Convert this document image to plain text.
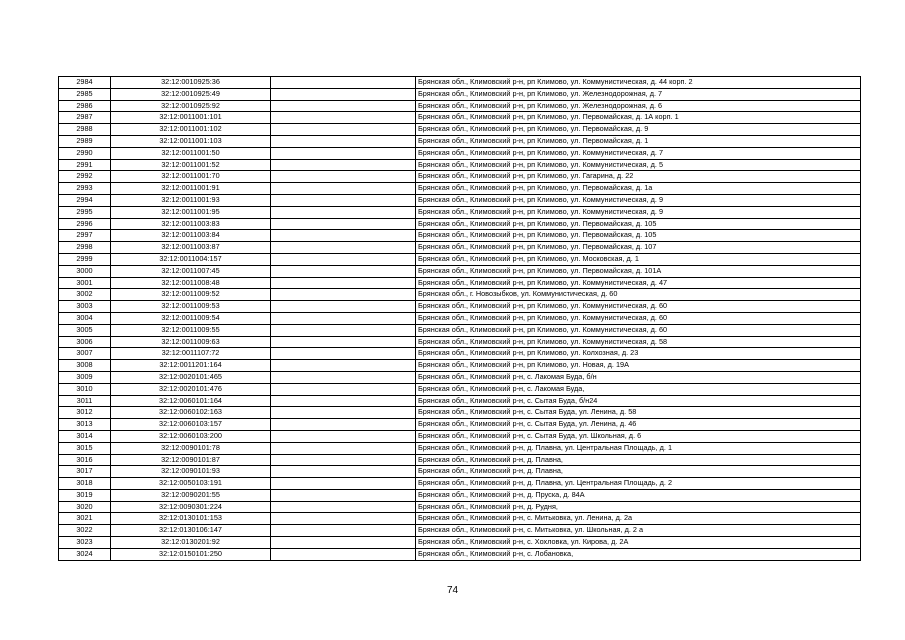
2984	32:12:0010925:36		Брянская обл., Климовский р-н, рп Климово, ул. Коммунистическая, д. 44 корп. 2
2985	32:12:0010925:49		Брянская обл., Климовский р-н, рп Климово, ул. Железнодорожная, д. 7
2986	32:12:0010925:92		Брянская обл., Климовский р-н, рп Климово, ул. Железнодорожная, д. 6
2987	32:12:0011001:101		Брянская обл., Климовский р-н, рп Климово, ул. Первомайская, д. 1А корп. 1
2988	32:12:0011001:102		Брянская обл., Климовский р-н, рп Климово, ул. Первомайская, д. 9
2989	32:12:0011001:103		Брянская обл., Климовский р-н, рп Климово, ул. Первомайская, д. 1
2990	32:12:0011001:50		Брянская обл., Климовский р-н, рп Климово, ул. Коммунистическая, д. 7
2991	32:12:0011001:52		Брянская обл., Климовский р-н, рп Климово, ул. Коммунистическая, д. 5
2992	32:12:0011001:70		Брянская обл., Климовский р-н, рп Климово, ул. Гагарина, д. 22
2993	32:12:0011001:91		Брянская обл., Климовский р-н, рп Климово, ул. Первомайская, д. 1а
2994	32:12:0011001:93		Брянская обл., Климовский р-н, рп Климово, ул. Коммунистическая, д. 9
2995	32:12:0011001:95		Брянская обл., Климовский р-н, рп Климово, ул. Коммунистическая, д. 9
2996	32:12:0011003:83		Брянская обл., Климовский р-н, рп Климово, ул. Первомайская, д. 105
2997	32:12:0011003:84		Брянская обл., Климовский р-н, рп Климово, ул. Первомайская, д. 105
2998	32:12:0011003:87		Брянская обл., Климовский р-н, рп Климово, ул. Первомайская, д. 107
2999	32:12:0011004:157		Брянская обл., Климовский р-н, рп Климово, ул. Московская, д. 1
3000	32:12:0011007:45		Брянская обл., Климовский р-н, рп Климово, ул. Первомайская, д. 101А
3001	32:12:0011008:48		Брянская обл., Климовский р-н, рп Климово, ул. Коммунистическая, д. 47
3002	32:12:0011009:52		Брянская обл., г. Новозыбков, ул. Коммунистическая, д. 60
3003	32:12:0011009:53		Брянская обл., Климовский р-н, рп Климово, ул. Коммунистическая, д. 60
3004	32:12:0011009:54		Брянская обл., Климовский р-н, рп Климово, ул. Коммунистическая, д. 60
3005	32:12:0011009:55		Брянская обл., Климовский р-н, рп Климово, ул. Коммунистическая, д. 60
3006	32:12:0011009:63		Брянская обл., Климовский р-н, рп Климово, ул. Коммунистическая, д. 58
3007	32:12:0011107:72		Брянская обл., Климовский р-н, рп Климово, ул. Колхозная, д. 23
3008	32:12:0011201:164		Брянская обл., Климовский р-н, рп Климово, ул. Новая, д. 19А
3009	32:12:0020101:465		Брянская обл., Климовский р-н, с. Лакомая Буда, б/н
3010	32:12:0020101:476		Брянская обл., Климовский р-н, с. Лакомая Буда,
3011	32:12:0060101:164		Брянская обл., Климовский р-н, с. Сытая Буда, б/н24
3012	32:12:0060102:163		Брянская обл., Климовский р-н, с. Сытая Буда, ул. Ленина, д. 58
3013	32:12:0060103:157		Брянская обл., Климовский р-н, с. Сытая Буда, ул. Ленина, д. 46
3014	32:12:0060103:200		Брянская обл., Климовский р-н, с. Сытая Буда, ул. Школьная, д. 6
3015	32:12:0090101:78		Брянская обл., Климовский р-н, д. Плавна, ул. Центральная Площадь, д. 1
3016	32:12:0090101:87		Брянская обл., Климовский р-н, д. Плавна,
3017	32:12:0090101:93		Брянская обл., Климовский р-н, д. Плавна,
3018	32:12:0050103:191		Брянская обл., Климовский р-н, д. Плавна, ул. Центральная Площадь, д. 2
3019	32:12:0090201:55		Брянская обл., Климовский р-н, д. Пруска, д. 84А
3020	32:12:0090301:224		Брянская обл., Климовский р-н, д. Рудня,
3021	32:12:0130101:153		Брянская обл., Климовский р-н, с. Митьковка, ул. Ленина, д. 2а
3022	32:12:0130106:147		Брянская обл., Климовский р-н, с. Митьковка, ул. Школьная, д. 2 а
3023	32:12:0130201:92		Брянская обл., Климовский р-н, с. Хохловка, ул. Кирова, д. 2А
3024	32:12:0150101:250		Брянская обл., Климовский р-н, с. Лобановка,
74
